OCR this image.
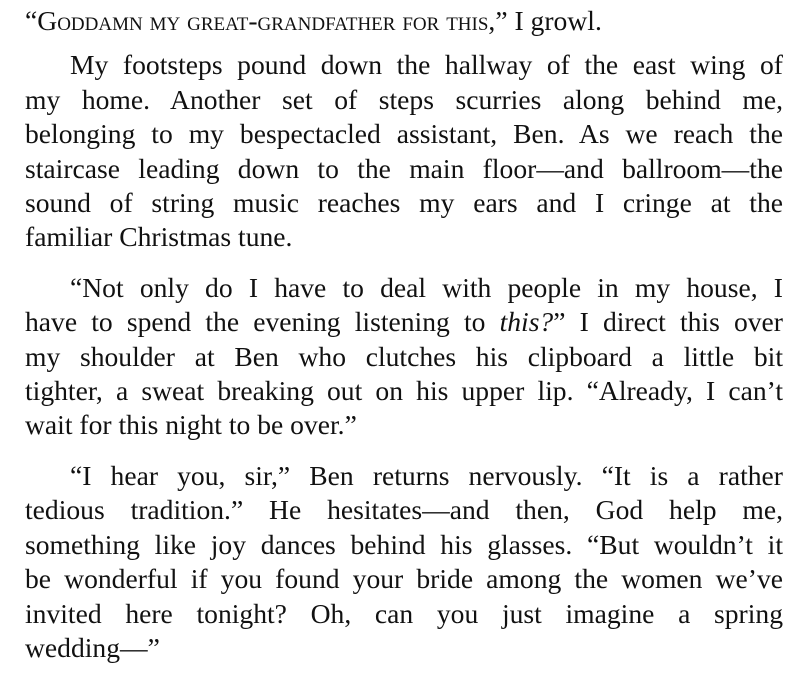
“Goddamn my great-grandfather for this,” I growl.

My footsteps pound down the hallway of the east wing of
my home. Another set of steps scurries along behind me,
belonging to my bespectacled assistant, Ben. As we reach the
staircase leading down to the main floor—and ballroom—the
sound of string music reaches my ears and I cringe at the
familiar Christmas tune.

“Not only do I have to deal with people in my house, I
have to spend the evening listening to this?” I direct this over
my shoulder at Ben who clutches his clipboard a little bit
tighter, a sweat breaking out on his upper lip. “Already, I can’t
wait for this night to be over.”

“I hear you, sir,” Ben returns nervously. “It is a rather
tedious tradition.” He hesitates—and then, God help me,
something like joy dances behind his glasses. “But wouldn’t it
be wonderful if you found your bride among the women we’ve
invited here tonight? Oh, can you just imagine a spring
wedding—”
